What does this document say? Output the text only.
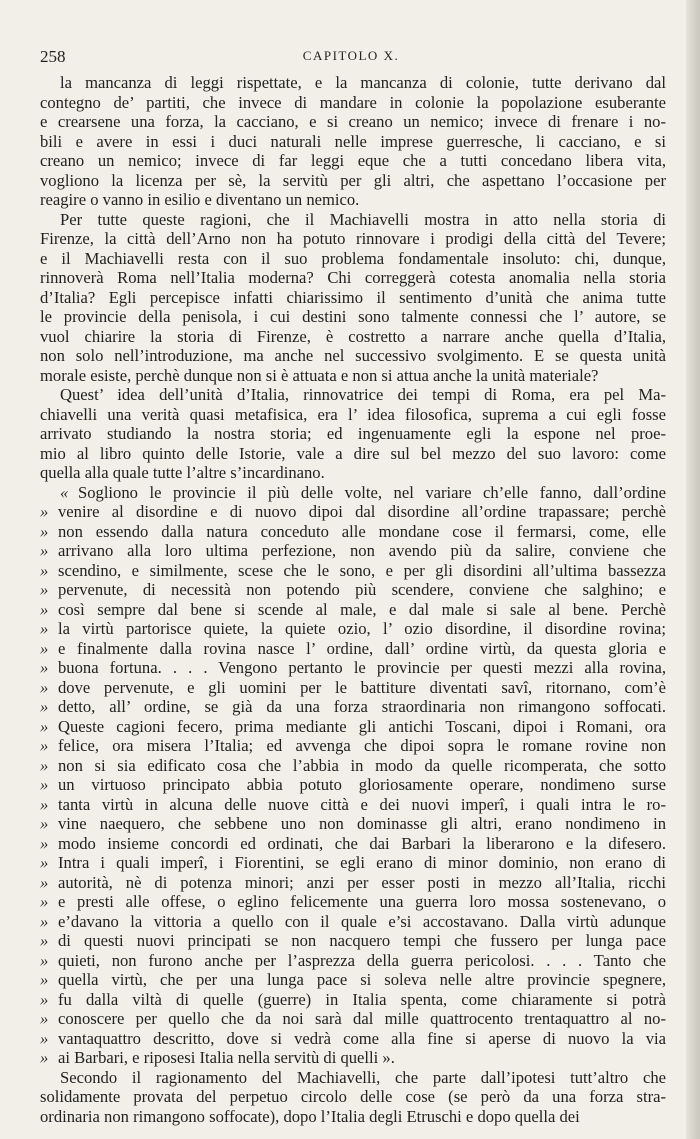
258	CAPITOLO X.
la mancanza di leggi rispettate, e la mancanza di colonie, tutte derivano dal
contegno de’ partiti, che invece di mandare in colonie la popolazione esuberante
e crearsene una forza, la cacciano, e si creano un nemico; invece di frenare i no-
bili e avere in essi i duci naturali nelle imprese guerresche, li cacciano, e si
creano un nemico; invece di far leggi eque che a tutti concedano libera vita,
vogliono la licenza per sè, la servitù per gli altri, che aspettano l’occasione per
reagire o vanno in esilio e diventano un nemico.
Per tutte queste ragioni, che il Machiavelli mostra in atto nella storia di
Firenze, la città dell’Arno non ha potuto rinnovare i prodigi della città del Tevere;
e il Machiavelli resta con il suo problema fondamentale insoluto: chi, dunque,
rinnoverà Roma nell’Italia moderna? Chi correggerà cotesta anomalia nella storia
d’Italia? Egli percepisce infatti chiarissimo il sentimento d’unità che anima tutte
le provincie della penisola, i cui destini sono talmente connessi che l’ autore, se
vuol chiarire la storia di Firenze, è costretto a narrare anche quella d’Italia,
non solo nell’introduzione, ma anche nel successivo svolgimento. E se questa unità
morale esiste, perchè dunque non si è attuata e non si attua anche la unità materiale?
Quest’ idea dell’unità d’Italia, rinnovatrice dei tempi di Roma, era pel Ma-
chiavelli una verità quasi metafisica, era l’ idea filosofica, suprema a cui egli fosse
arrivato studiando la nostra storia; ed ingenuamente egli la espone nel proe-
mio al libro quinto delle Istorie, vale a dire sul bel mezzo del suo lavoro: come
quella alla quale tutte l’altre s’incardinano.
« Sogliono le provincie il più delle volte, nel variare ch’elle fanno, dall’ordine
» venire al disordine e di nuovo dipoi dal disordine all’ordine trapassare; perchè
» non essendo dalla natura conceduto alle mondane cose il fermarsi, come, elle
» arrivano alla loro ultima perfezione, non avendo più da salire, conviene che
» scendino, e similmente, scese che le sono, e per gli disordini all’ultima bassezza
» pervenute, di necessità non potendo più scendere, conviene che salghino; e
» così sempre dal bene si scende al male, e dal male si sale al bene. Perchè
» la virtù partorisce quiete, la quiete ozio, l’ ozio disordine, il disordine rovina;
» e finalmente dalla rovina nasce l’ ordine, dall’ ordine virtù, da questa gloria e
» buona fortuna. . . . Vengono pertanto le provincie per questi mezzi alla rovina,
» dove pervenute, e gli uomini per le battiture diventati savî, ritornano, com’è
» detto, all’ ordine, se già da una forza straordinaria non rimangono soffocati.
» Queste cagioni fecero, prima mediante gli antichi Toscani, dipoi i Romani, ora
» felice, ora misera l’Italia; ed avvenga che dipoi sopra le romane rovine non
» non si sia edificato cosa che l’abbia in modo da quelle ricomperata, che sotto
» un virtuoso principato abbia potuto gloriosamente operare, nondimeno surse
» tanta virtù in alcuna delle nuove città e dei nuovi imperî, i quali intra le ro-
» vine naequero, che sebbene uno non dominasse gli altri, erano nondimeno in
» modo insieme concordi ed ordinati, che dai Barbari la liberarono e la difesero.
» Intra i quali imperî, i Fiorentini, se egli erano di minor dominio, non erano di
» autorità, nè di potenza minori; anzi per esser posti in mezzo all’Italia, ricchi
» e presti alle offese, o eglino felicemente una guerra loro mossa sostenevano, o
» e’davano la vittoria a quello con il quale e’si accostavano. Dalla virtù adunque
» di questi nuovi principati se non nacquero tempi che fussero per lunga pace
» quieti, non furono anche per l’asprezza della guerra pericolosi. . . . Tanto che
» quella virtù, che per una lunga pace si soleva nelle altre provincie spegnere,
» fu dalla viltà di quelle (guerre) in Italia spenta, come chiaramente si potrà
» conoscere per quello che da noi sarà dal mille quattrocento trentaquattro al no-
» vantaquattro descritto, dove si vedrà come alla fine si aperse di nuovo la via
» ai Barbari, e riposesi Italia nella servitù di quelli ».
Secondo il ragionamento del Machiavelli, che parte dall’ipotesi tutt’altro che
solidamente provata del perpetuo circolo delle cose (se però da una forza stra-
ordinaria non rimangono soffocate), dopo l’Italia degli Etruschi e dopo quella dei
